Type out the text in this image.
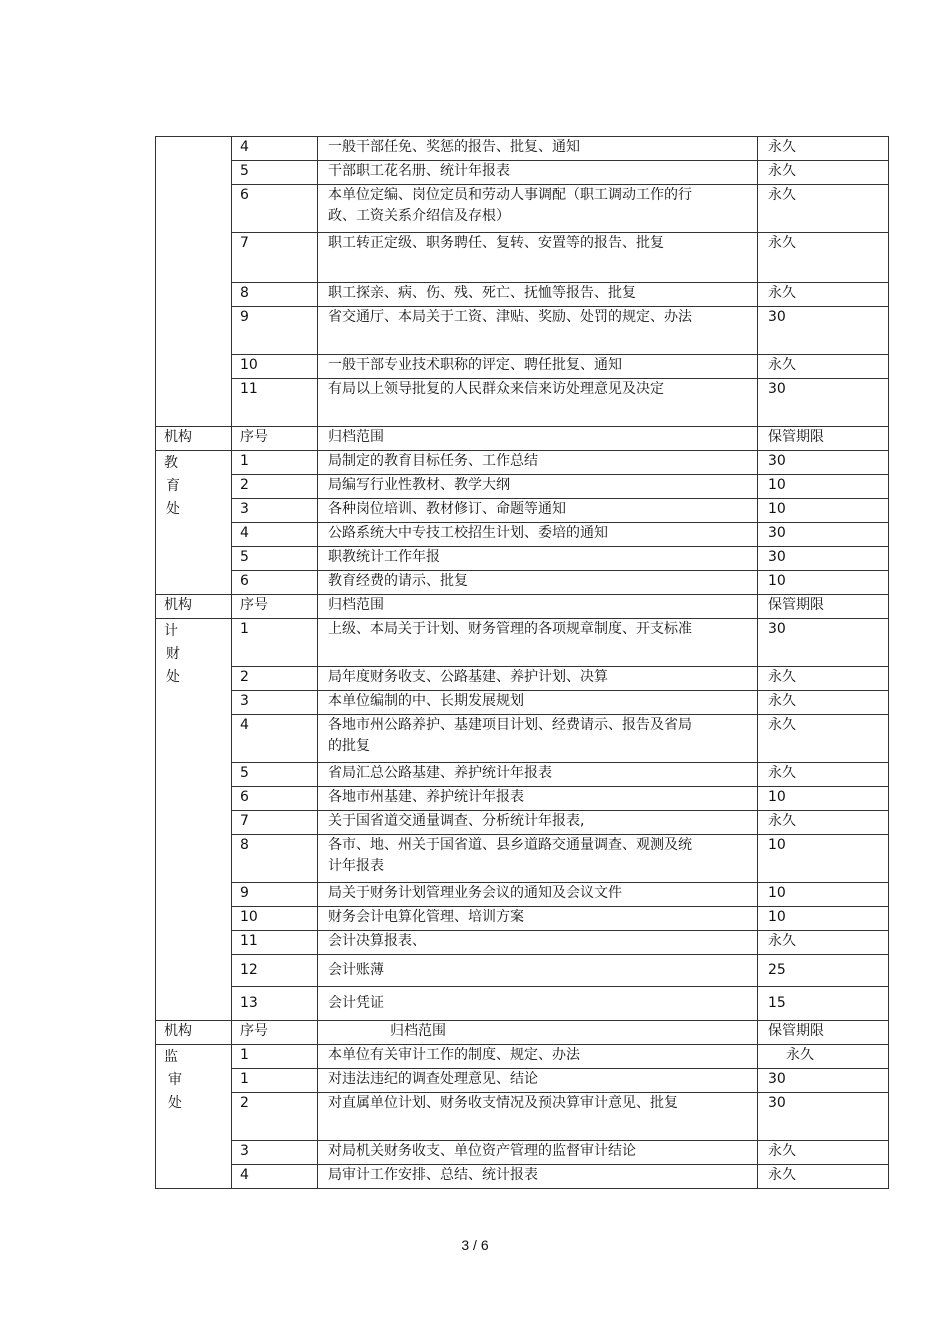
	4	一般干部任免、奖惩的报告、批复、通知	永久
	5	干部职工花名册、统计年报表	永久
	6	本单位定编、岗位定员和劳动人事调配（职工调动工作的行政、工资关系介绍信及存根）	永久
	7	职工转正定级、职务聘任、复转、安置等的报告、批复	永久
	8	职工探亲、病、伤、残、死亡、抚恤等报告、批复	永久
	9	省交通厅、本局关于工资、津贴、奖励、处罚的规定、办法	30
	10	一般干部专业技术职称的评定、聘任批复、通知	永久
	11	有局以上领导批复的人民群众来信来访处理意见及决定	30
机构	序号	归档范围	保管期限

教
育
处	1	局制定的教育目标任务、工作总结	30
	2	局编写行业性教材、教学大纲	10
	3	各种岗位培训、教材修订、命题等通知	10
	4	公路系统大中专技工校招生计划、委培的通知	30
	5	职教统计工作年报	30
	6	教育经费的请示、批复	10
机构	序号	归档范围	保管期限

计
财
处	1	上级、本局关于计划、财务管理的各项规章制度、开支标准	30
	2	局年度财务收支、公路基建、养护计划、决算	永久
	3	本单位编制的中、长期发展规划	永久
	4	各地市州公路养护、基建项目计划、经费请示、报告及省局的批复	永久
	5	省局汇总公路基建、养护统计年报表	永久
	6	各地市州基建、养护统计年报表	10
	7	关于国省道交通量调查、分析统计年报表,	永久
	8	各市、地、州关于国省道、县乡道路交通量调查、观测及统计年报表	10
	9	局关于财务计划管理业务会议的通知及会议文件	10
	10	财务会计电算化管理、培训方案	10
	11	会计决算报表、	永久
	12	会计账薄	25
	13	会计凭证	15
机构	序号	归档范围	保管期限

监
审
处	1	本单位有关审计工作的制度、规定、办法	永久
	1	对违法违纪的调查处理意见、结论	30
	2	对直属单位计划、财务收支情况及预决算审计意见、批复	30
	3	对局机关财务收支、单位资产管理的监督审计结论	永久
	4	局审计工作安排、总结、统计报表	永久
3 / 6
